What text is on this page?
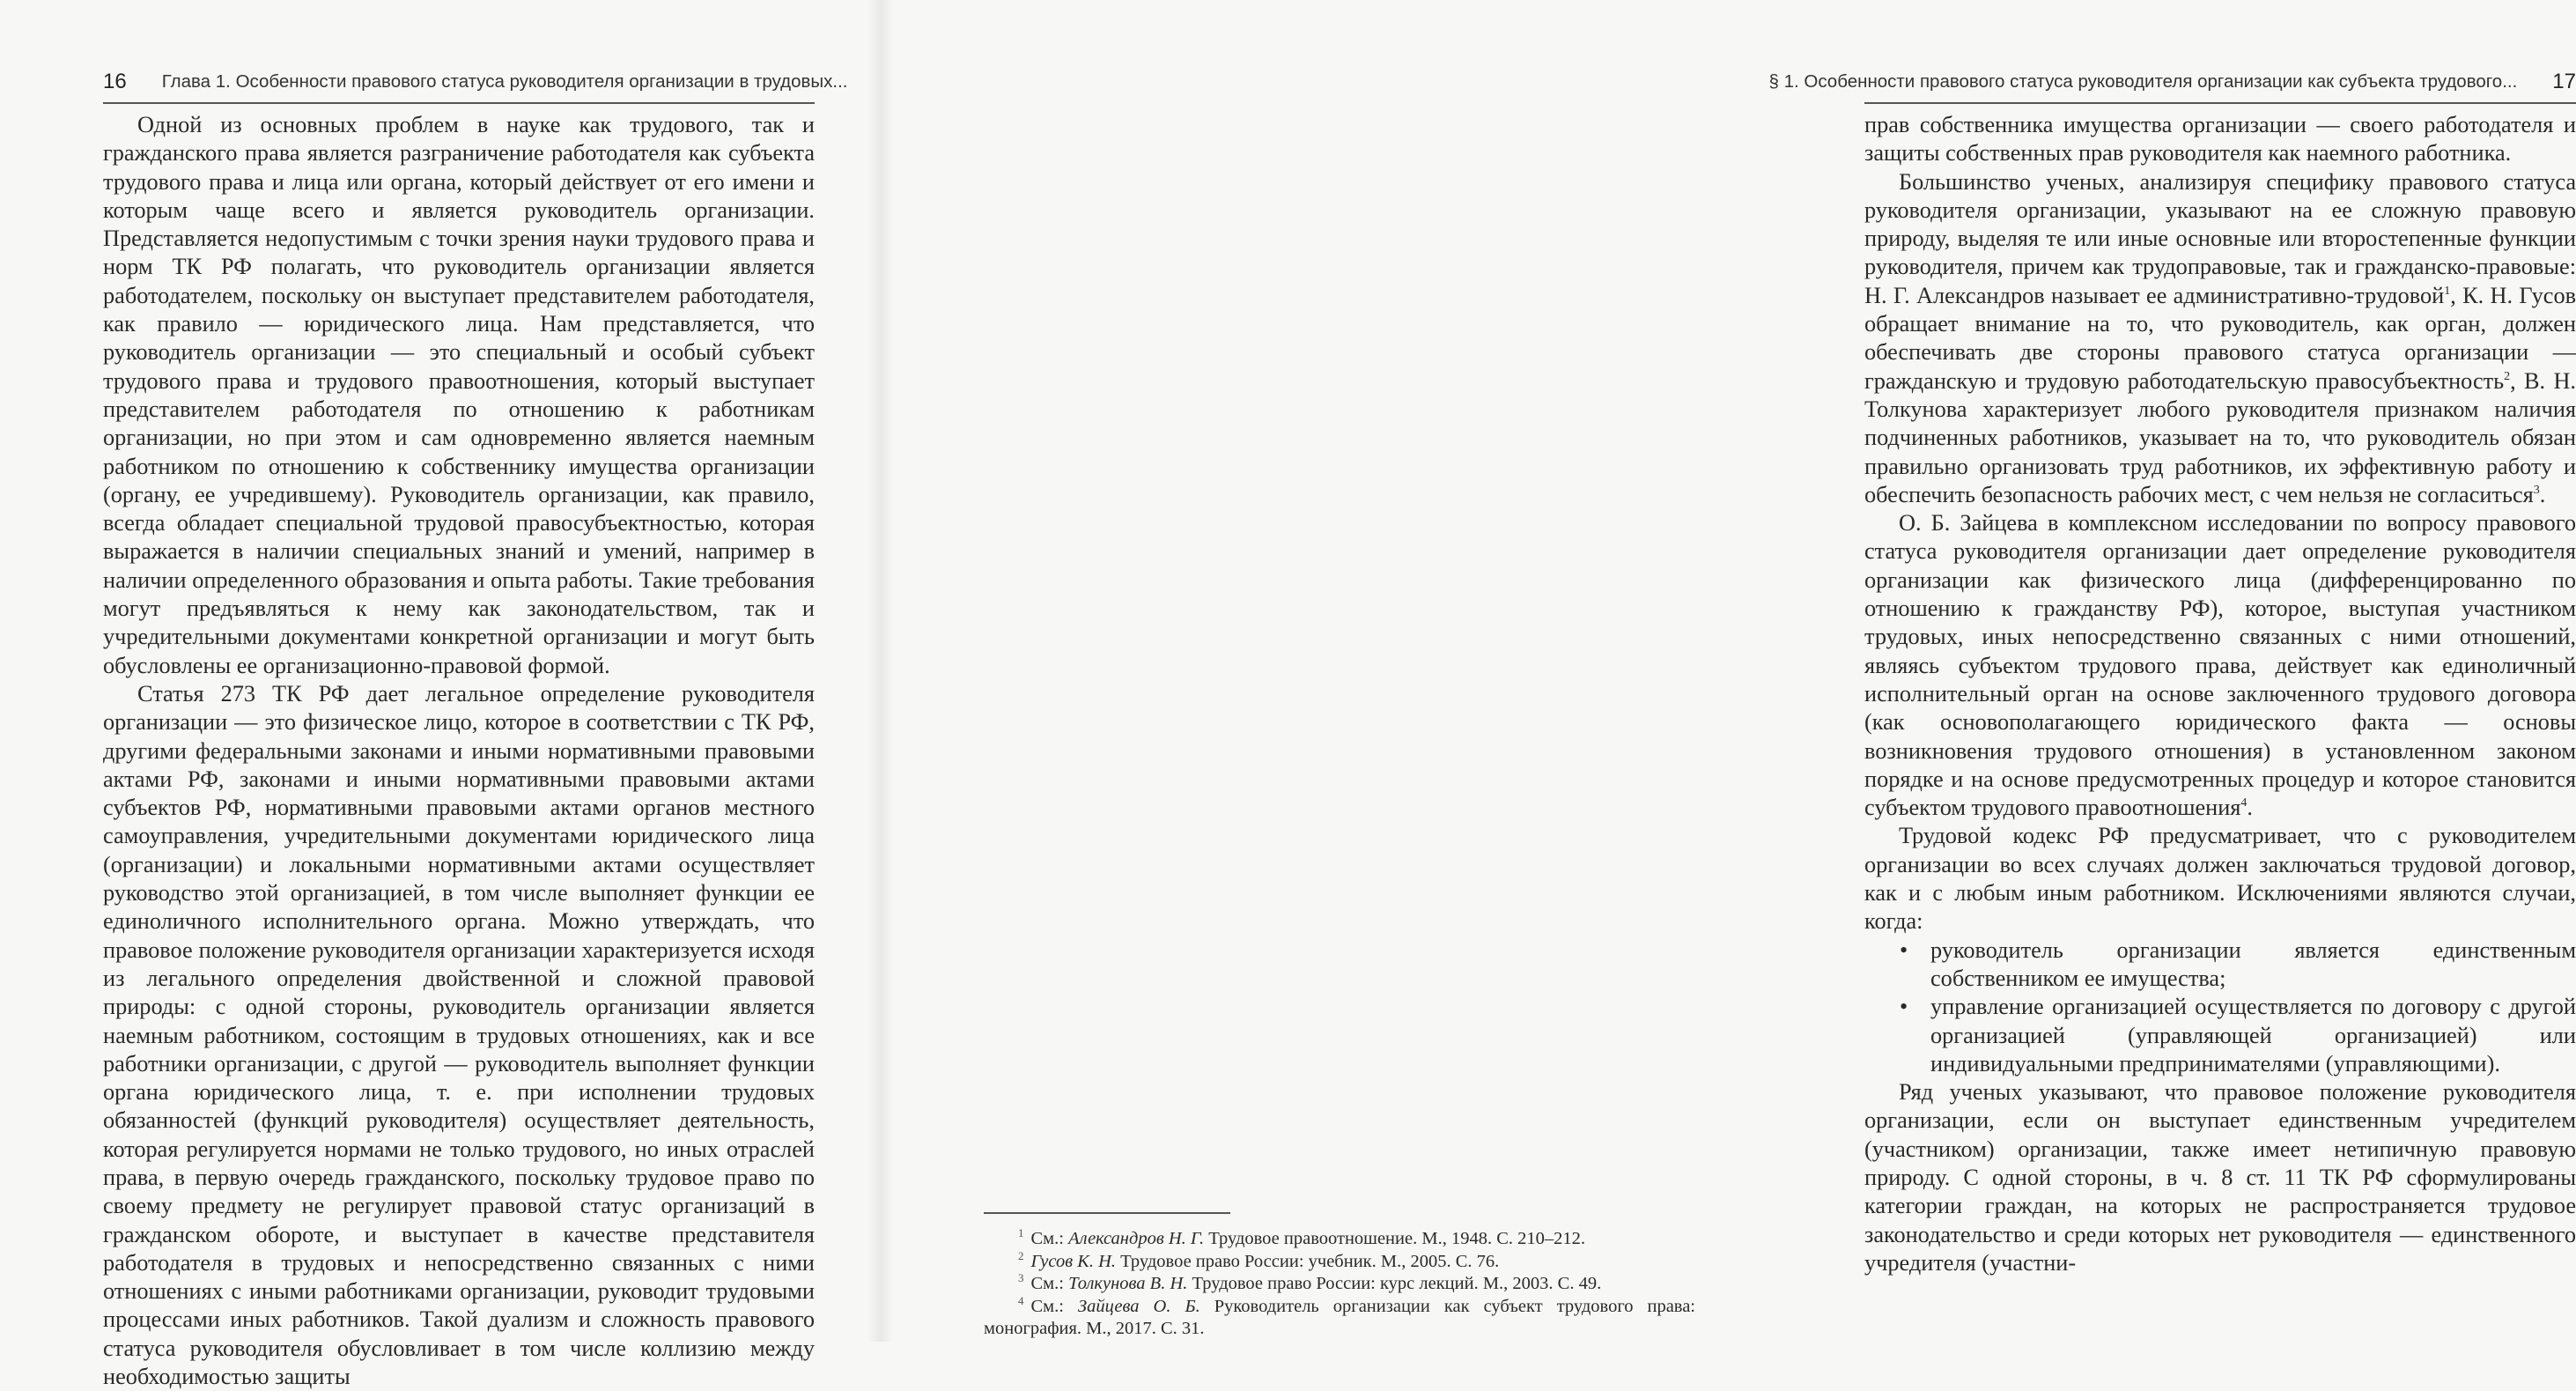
16 Глава 1. Особенности правового статуса руководителя организации в трудовых...

Одной из основных проблем в науке как трудового, так и гражданского права является разграничение работодателя как субъекта трудового права и лица или органа, который действует от его имени и которым чаще всего и является руководитель организации. Представляется недопустимым с точки зрения науки трудового права и норм ТК РФ полагать, что руководитель организации является работодателем, поскольку он выступает представителем работодателя, как правило — юридического лица. Нам представляется, что руководитель организации — это специальный и особый субъект трудового права и трудового правоотношения, который выступает представителем работодателя по отношению к работникам организации, но при этом и сам одновременно является наемным работником по отношению к собственнику имущества организации (органу, ее учредившему). Руководитель организации, как правило, всегда обладает специальной трудовой правосубъектностью, которая выражается в наличии специальных знаний и умений, например в наличии определенного образования и опыта работы. Такие требования могут предъявляться к нему как законодательством, так и учредительными документами конкретной организации и могут быть обусловлены ее организационно-правовой формой.

Статья 273 ТК РФ дает легальное определение руководителя организации — это физическое лицо, которое в соответствии с ТК РФ, другими федеральными законами и иными нормативными правовыми актами РФ, законами и иными нормативными правовыми актами субъектов РФ, нормативными правовыми актами органов местного самоуправления, учредительными документами юридического лица (организации) и локальными нормативными актами осуществляет руководство этой организацией, в том числе выполняет функции ее единоличного исполнительного органа. Можно утверждать, что правовое положение руководителя организации характеризуется исходя из легального определения двойственной и сложной правовой природы: с одной стороны, руководитель организации является наемным работником, состоящим в трудовых отношениях, как и все работники организации, с другой — руководитель выполняет функции органа юридического лица, т. е. при исполнении трудовых обязанностей (функций руководителя) осуществляет деятельность, которая регулируется нормами не только трудового, но иных отраслей права, в первую очередь гражданского, поскольку трудовое право по своему предмету не регулирует правовой статус организаций в гражданском обороте, и выступает в качестве представителя работодателя в трудовых и непосредственно связанных с ними отношениях с иными работниками организации, руководит трудовыми процессами иных работников. Такой дуализм и сложность правового статуса руководителя обусловливает в том числе коллизию между необходимостью защиты

§
1. Особенности правового статуса руководителя организации как субъекта трудового... 17

прав собственника имущества организации — своего работодателя и защиты собственных прав руководителя как наемного работника.

Большинство ученых, анализируя специфику правового статуса руководителя организации, указывают на ее сложную правовую природу, выделяя те или иные основные или второстепенные функции руководителя, причем как трудоправовые, так и гражданско-правовые: Н. Г. Александров называет ее административно-трудовой$^1$, К. Н. Гусов обращает внимание на то, что руководитель, как орган, должен обеспечивать две стороны правового статуса организации — гражданскую и трудовую работодательскую правосубъектность$^2$, В. Н. Толкунова характеризует любого руководителя признаком наличия подчиненных работников, указывает на то, что руководитель обязан правильно организовать труд работников, их эффективную работу и обеспечить безопасность рабочих мест, с чем нельзя не согласиться$^3$.

О. Б. Зайцева в комплексном исследовании по вопросу правового статуса руководителя организации дает определение руководителя организации как физического лица (дифференцированно по отношению к гражданству РФ), которое, выступая участником трудовых, иных непосредственно связанных с ними отношений, являясь субъектом трудового права, действует как единоличный исполнительный орган на основе заключенного трудового договора (как основополагающего юридического факта — основы возникновения трудового отношения) в установленном законом порядке и на основе предусмотренных процедур и которое становится субъектом трудового правоотношения$^4$.

Трудовой кодекс РФ предусматривает, что с руководителем организации во всех случаях должен заключаться трудовой договор, как и с любым иным работником. Исключениями являются случаи, когда:

• руководитель организации является единственным собственником ее имущества;
• управление организацией осуществляется по договору с другой организацией (управляющей организацией) или индивидуальными предпринимателями (управляющими).

Ряд ученых указывают, что правовое положение руководителя организации, если он выступает единственным учредителем (участником) организации, также имеет нетипичную правовую природу. С одной стороны, в ч. 8 ст. 11 ТК РФ сформулированы категории граждан, на которых не распространяется трудовое законодательство и среди которых нет руководителя — единственного учредителя (участни-

$^1$ См.: Александров Н. Г. Трудовое правоотношение. М., 1948. С. 210–212.

$^2$ Гусов К. Н. Трудовое право России: учебник. М., 2005. С. 76.

$^3$ См.: Толкунова В. Н. Трудовое право России: курс лекций. М., 2003. С. 49.

$^4$ См.: Зайцева О. Б. Руководитель организации как субъект трудового права: монография. М., 2017. С. 31.
